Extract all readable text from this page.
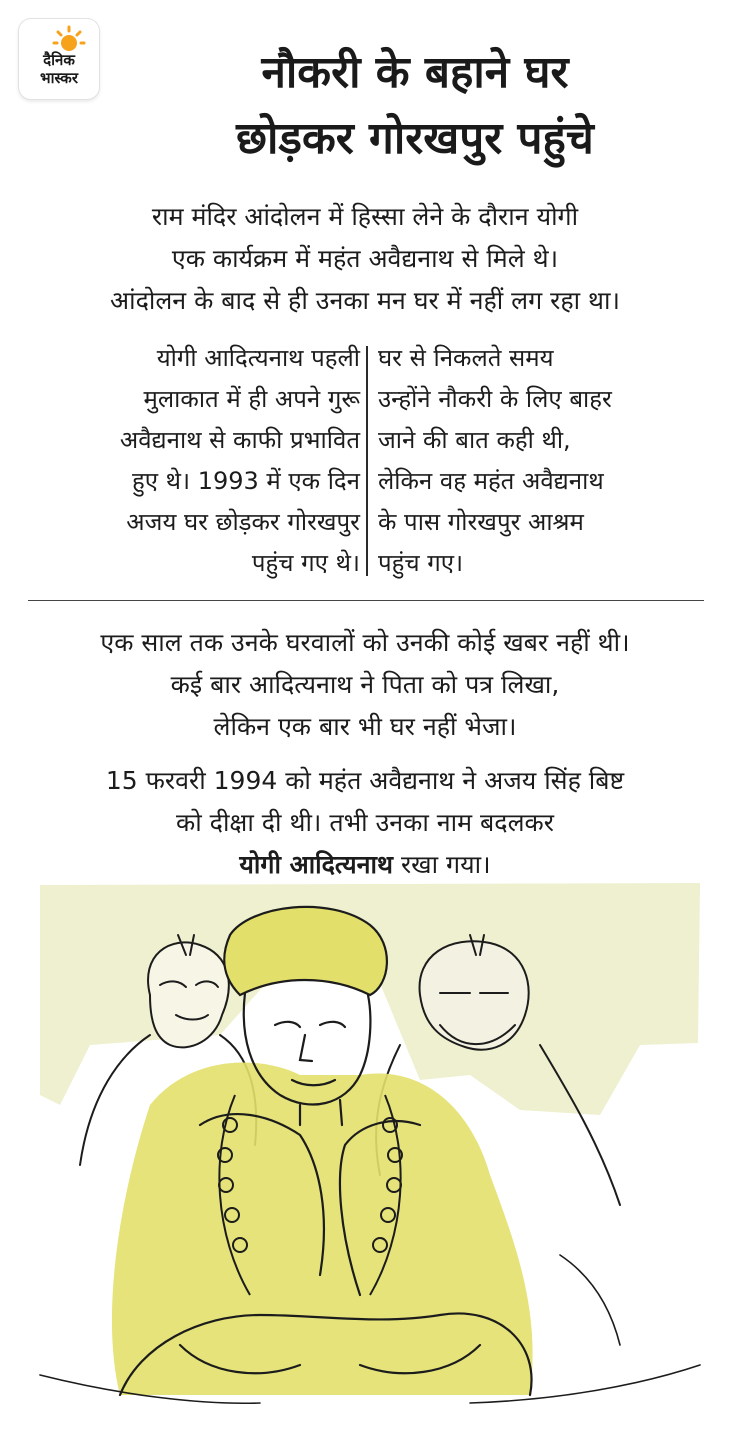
दैनिक
भास्कर	नौकरी के बहाने घर
छोड़कर गोरखपुर पहुंचे

राम मंदिर आंदोलन में हिस्सा लेने के दौरान योगी
एक कार्यक्रम में महंत अवैद्यनाथ से मिले थे।
आंदोलन के बाद से ही उनका मन घर में नहीं लग रहा था।

योगी आदित्यनाथ पहली
मुलाकात में ही अपने गुरू
अवैद्यनाथ से काफी प्रभावित
हुए थे। 1993 में एक दिन
अजय घर छोड़कर गोरखपुर
पहुंच गए थे।

घर से निकलते समय
उन्होंने नौकरी के लिए बाहर
जाने की बात कही थी,
लेकिन वह महंत अवैद्यनाथ
के पास गोरखपुर आश्रम
पहुंच गए।

एक साल तक उनके घरवालों को उनकी कोई खबर नहीं थी।
कई बार आदित्यनाथ ने पिता को पत्र लिखा,
लेकिन एक बार भी घर नहीं भेजा।

15 फरवरी 1994 को महंत अवैद्यनाथ ने अजय सिंह बिष्ट
को दीक्षा दी थी। तभी उनका नाम बदलकर
योगी आदित्यनाथ रखा गया।
